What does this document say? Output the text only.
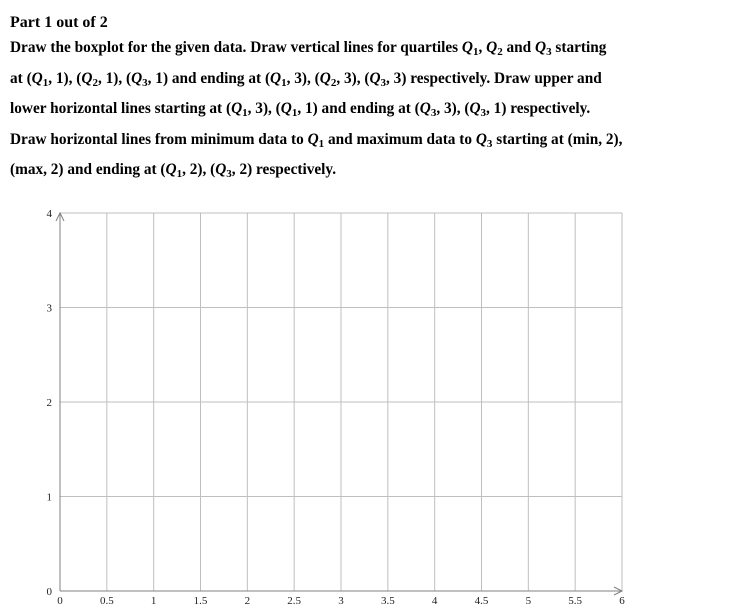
Part 1 out of 2
Draw the boxplot for the given data. Draw vertical lines for quartiles $Q_1$, $Q_2$ and $Q_3$ starting
at ($Q_1$, 1), ($Q_2$, 1), ($Q_3$, 1) and ending at ($Q_1$, 3), ($Q_2$, 3), ($Q_3$, 3) respectively. Draw upper and
lower horizontal lines starting at ($Q_1$, 3), ($Q_1$, 1) and ending at ($Q_3$, 3), ($Q_3$, 1) respectively.
Draw horizontal lines from minimum data to $Q_1$ and maximum data to $Q_3$ starting at (min, 2),
(max, 2) and ending at ($Q_1$, 2), ($Q_3$, 2) respectively.
0	0.5	1	1.5	2	2.5	3	3.5	4	4.5	5	5.5	6
0
1
2
3
4
